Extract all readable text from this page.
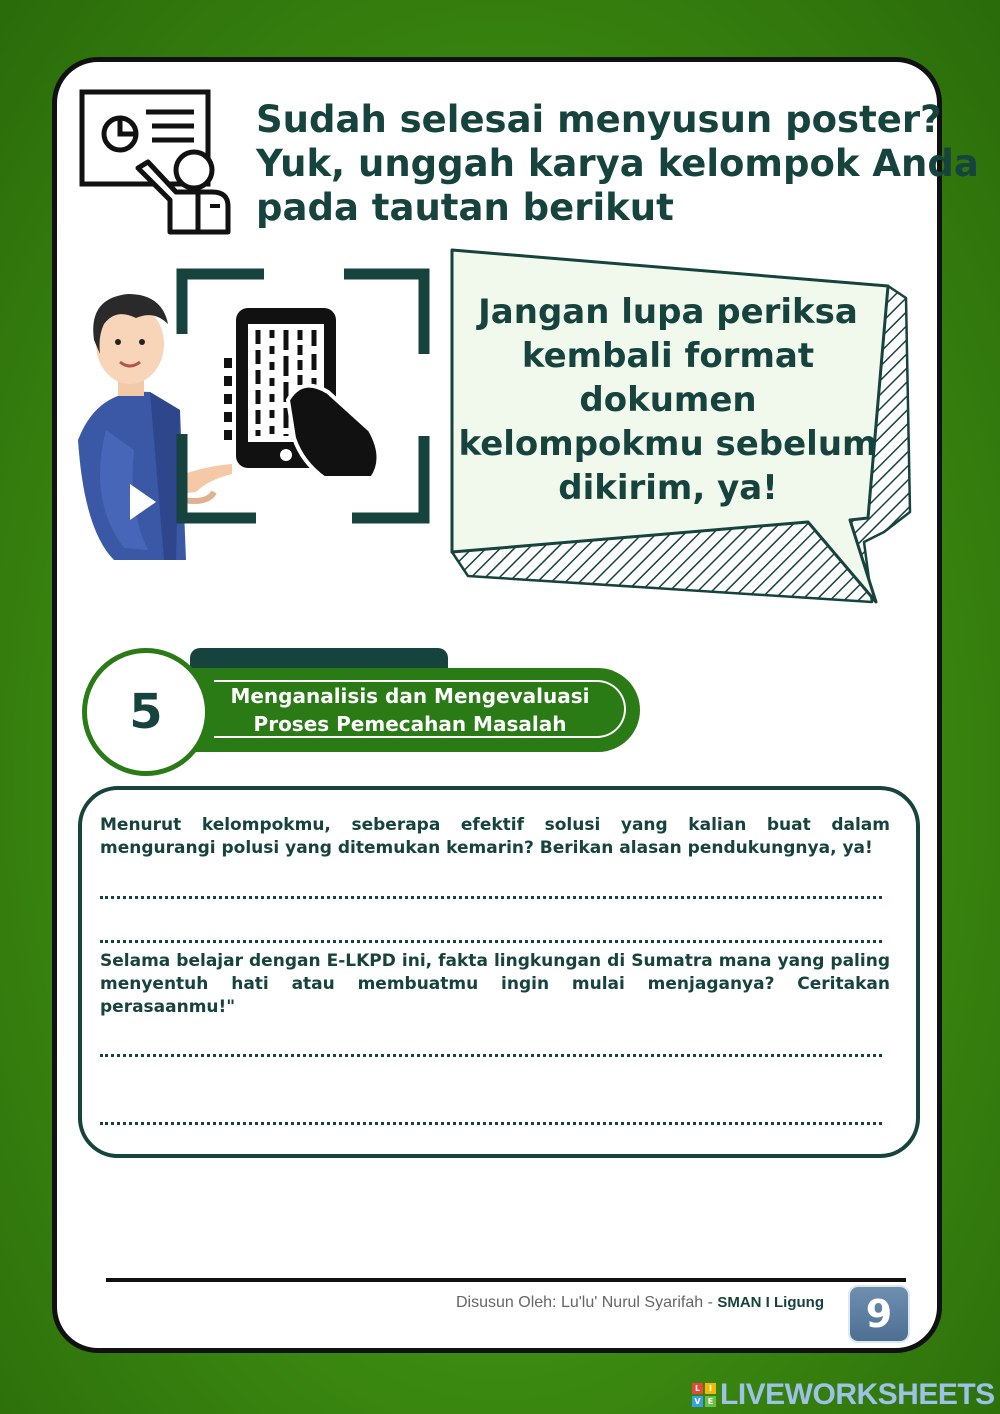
Sudah selesai menyusun poster?
Yuk, unggah karya kelompok Anda
pada tautan berikut
Jangan lupa periksa
kembali format
dokumen
kelompokmu sebelum
dikirim, ya!
Menganalisis dan Mengevaluasi
Proses Pemecahan Masalah
5

Menurut kelompokmu, seberapa efektif solusi yang kalian buat dalam mengurangi polusi yang ditemukan kemarin? Berikan alasan pendukungnya, ya!

Selama belajar dengan E-LKPD ini, fakta lingkungan di Sumatra mana yang paling menyentuh hati atau membuatmu ingin mulai menjaganya? Ceritakan perasaanmu!"

Disusun Oleh: Lu'lu' Nurul Syarifah - SMAN I Ligung	9
L	I
V E LIVEWORKSHEETS
